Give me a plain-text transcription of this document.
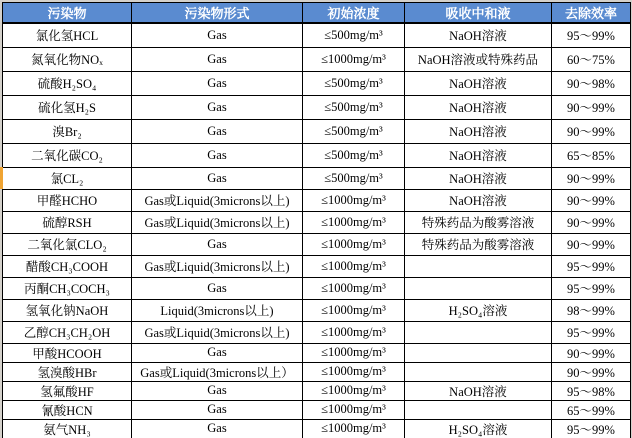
污染物	污染物形式	初始浓度	吸收中和液	去除效率
氯化氢HCL	Gas	≤500mg/m³	NaOH溶液	95～99%
氮氧化物NOₓ	Gas	≤1000mg/m³	NaOH溶液或特殊药品	60～75%
硫酸H₂SO₄	Gas	≤500mg/m³	NaOH溶液	90～98%
硫化氢H₂S	Gas	≤500mg/m³	NaOH溶液	90～99%
溴Br₂	Gas	≤500mg/m³	NaOH溶液	90～99%
二氧化碳CO₂	Gas	≤500mg/m³	NaOH溶液	65～85%
氯CL₂	Gas	≤500mg/m³	NaOH溶液	90～99%
甲醛HCHO	Gas或Liquid(3microns以上)	≤1000mg/m³	NaOH溶液	90～99%
硫醇RSH	Gas或Liquid(3microns以上)	≤1000mg/m³	特殊药品为酸雾溶液	90～99%
二氧化氯CLO₂	Gas	≤1000mg/m³	特殊药品为酸雾溶液	90～99%
醋酸CH₃COOH	Gas或Liquid(3microns以上)	≤1000mg/m³		95～99%
丙酮CH₃COCH₃	Gas	≤1000mg/m³		95～99%
氢氧化钠NaOH	Liquid(3microns以上)	≤1000mg/m³	H₂SO₄溶液	98～99%
乙醇CH₃CH₂OH	Gas或Liquid(3microns以上)	≤1000mg/m³		95～99%
甲酸HCOOH	Gas	≤1000mg/m³		90～99%
氢溴酸HBr	Gas或Liquid(3microns以上）	≤1000mg/m³		90～99%
氢氟酸HF	Gas	≤1000mg/m³	NaOH溶液	95～98%
氰酸HCN	Gas	≤1000mg/m³		65～99%
氨气NH₃	Gas	≤1000mg/m³	H₂SO₄溶液	95～99%
